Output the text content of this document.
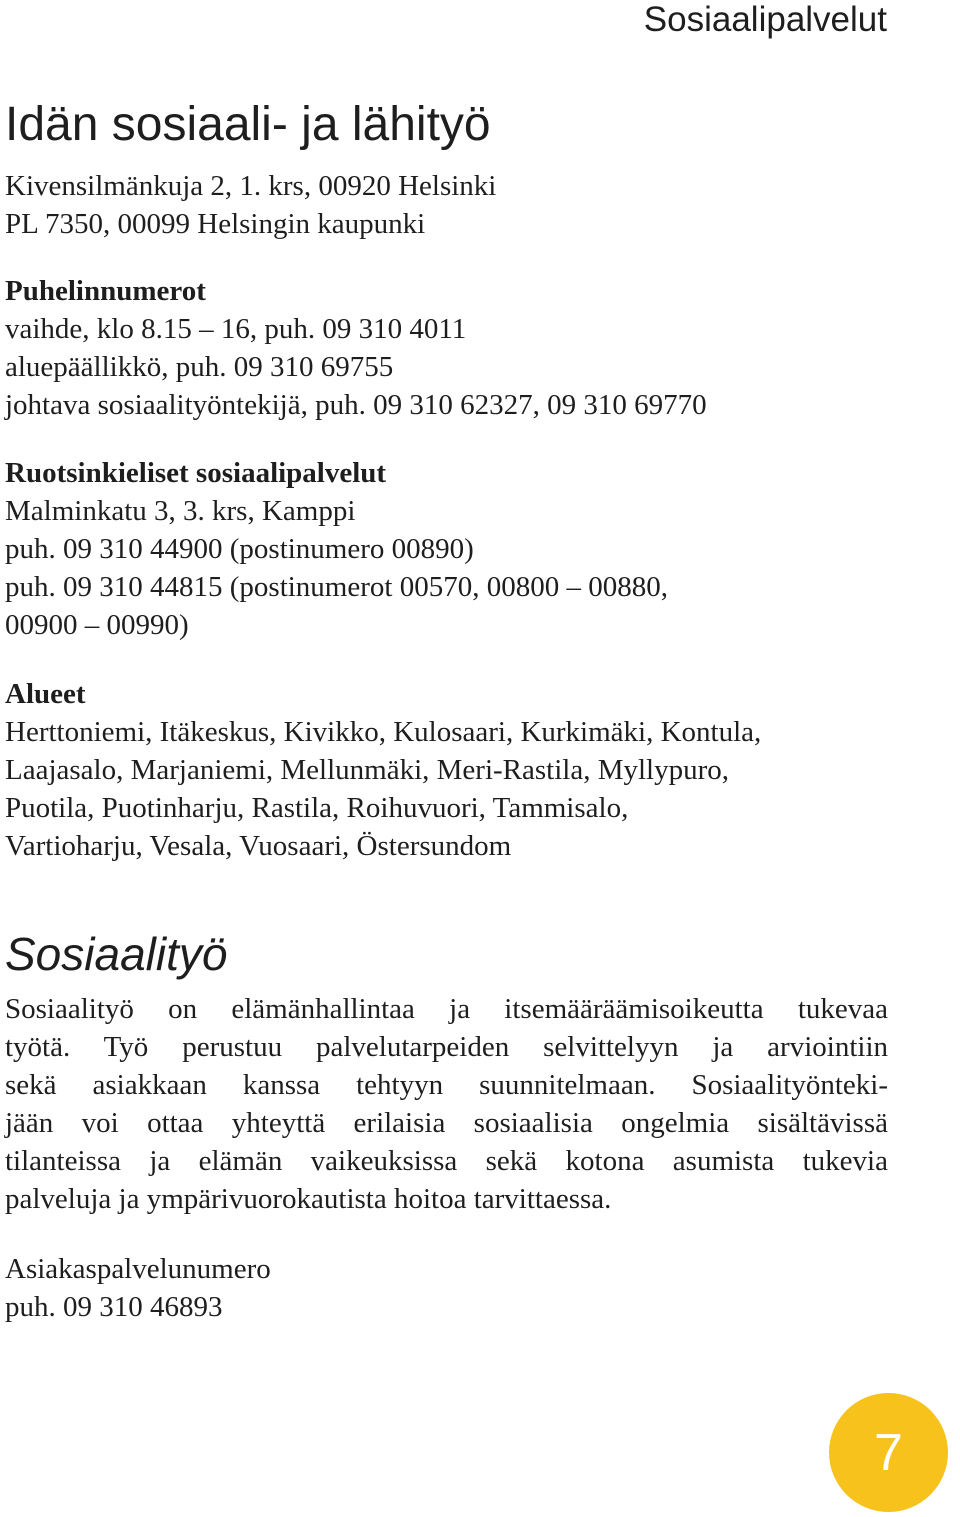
Sosiaalipalvelut
Idän sosiaali- ja lähityö
Kivensilmänkuja 2, 1. krs, 00920 Helsinki
PL 7350, 00099 Helsingin kaupunki
Puhelinnumerot
vaihde, klo 8.15 – 16, puh. 09 310 4011
aluepäällikkö, puh. 09 310 69755
johtava sosiaalityöntekijä, puh. 09 310 62327, 09 310 69770
Ruotsinkieliset sosiaalipalvelut
Malminkatu 3, 3. krs, Kamppi
puh. 09 310 44900 (postinumero 00890)
puh. 09 310 44815 (postinumerot 00570, 00800 – 00880,
00900 – 00990)
Alueet
Herttoniemi, Itäkeskus, Kivikko, Kulosaari, Kurkimäki, Kontula,
Laajasalo, Marjaniemi, Mellunmäki, Meri-Rastila, Myllypuro,
Puotila, Puotinharju, Rastila, Roihuvuori, Tammisalo,
Vartioharju, Vesala, Vuosaari, Östersundom
Sosiaalityö
Sosiaalityö on elämänhallintaa ja itsemääräämisoikeutta tukevaa
työtä. Työ perustuu palvelutarpeiden selvittelyyn ja arviointiin
sekä asiakkaan kanssa tehtyyn suunnitelmaan. Sosiaalityönteki-
jään voi ottaa yhteyttä erilaisia sosiaalisia ongelmia sisältävissä
tilanteissa ja elämän vaikeuksissa sekä kotona asumista tukevia
palveluja ja ympärivuorokautista hoitoa tarvittaessa.
Asiakaspalvelunumero
puh. 09 310 46893
7
